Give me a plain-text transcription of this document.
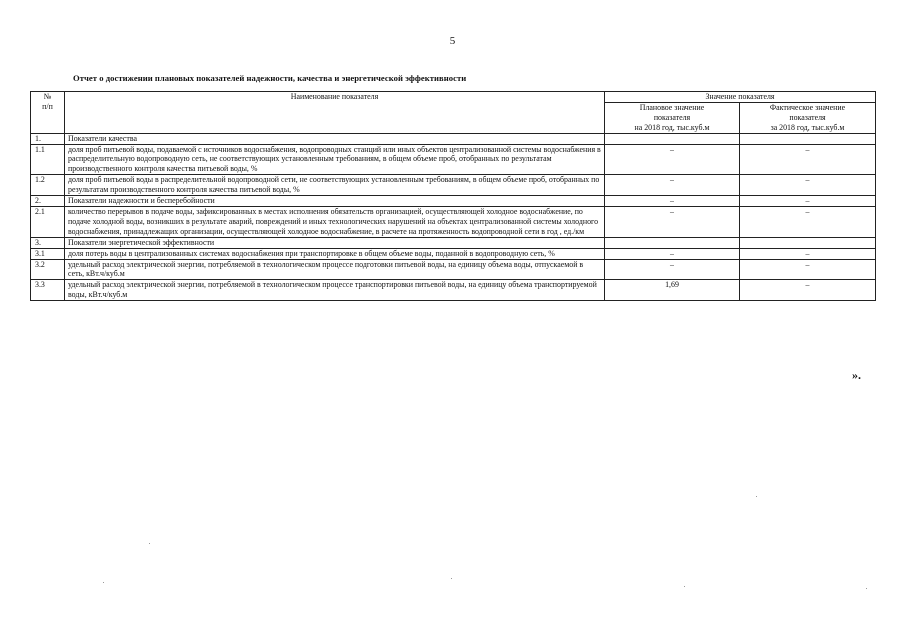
5
Отчет о достижении плановых показателей надежности, качества и энергетической эффективности
№
п/п	Наименование показателя	Значение показателя	
		Плановое значение
показателя
на 2018 год, тыс.куб.м	Фактическое значение
показателя
за 2018 год, тыс.куб.м
1.	Показатели качества		
1.1	доля проб питьевой воды, подаваемой с источников водоснабжения, водопроводных станций или иных объектов централизованной системы водоснабжения в распределительную водопроводную сеть, не соответствующих установленным требованиям, в общем объеме проб, отобранных по результатам производственного контроля качества питьевой воды, %	–	–
1.2	доля проб питьевой воды в распределительной водопроводной сети, не соответствующих установленным требованиям, в общем объеме проб, отобранных по результатам производственного контроля качества питьевой воды, %	–	–
2.	Показатели надежности и бесперебойности	–	–
2.1	количество перерывов в подаче воды, зафиксированных в местах исполнения обязательств организацией, осуществляющей холодное водоснабжение, по подаче холодной воды, возникших в результате аварий, повреждений и иных технологических нарушений на объектах централизованной системы холодного водоснабжения, принадлежащих организации, осуществляющей холодное водоснабжение, в расчете на протяженность водопроводной сети в год , ед./км	–	–
3.	Показатели энергетической эффективности		
3.1	доля потерь воды в централизованных системах водоснабжения при транспортировке в общем объеме воды, поданной в водопроводную сеть, %	–	–
3.2	удельный расход электрической энергии, потребляемой в технологическом процессе подготовки питьевой воды, на единицу объема воды, отпускаемой в сеть, кВт.ч/куб.м	–	–
3.3	удельный расход электрической энергии, потребляемой в технологическом процессе транспортировки питьевой воды, на единицу объема транспортируемой воды, кВт.ч/куб.м	1,69	–
».
